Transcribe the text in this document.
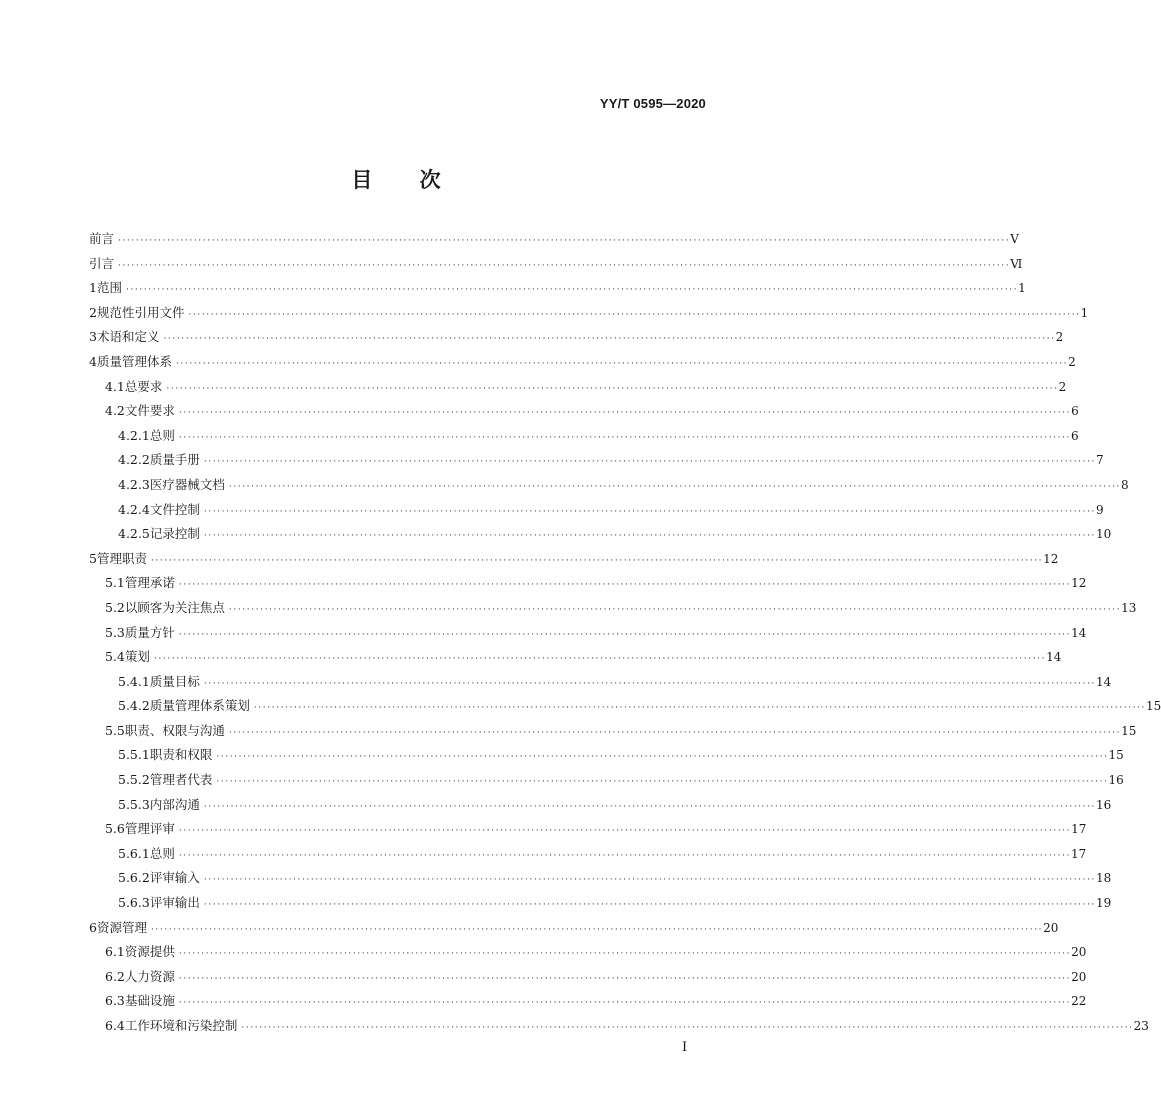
YY/T 0595—2020
目 次
前言 ········································································································································································································ Ⅴ
引言 ········································································································································································································ Ⅵ
1 范围 ········································································································································································································ 1
2 规范性引用文件 ········································································································································································································ 1
3 术语和定义 ········································································································································································································ 2
4 质量管理体系 ········································································································································································································ 2
4.1 总要求 ········································································································································································································ 2
4.2 文件要求 ········································································································································································································ 6
4.2.1 总则 ········································································································································································································ 6
4.2.2 质量手册 ········································································································································································································ 7
4.2.3 医疗器械文档 ········································································································································································································ 8
4.2.4 文件控制 ········································································································································································································ 9
4.2.5 记录控制 ········································································································································································································ 10
5 管理职责 ········································································································································································································ 12
5.1 管理承诺 ········································································································································································································ 12
5.2 以顾客为关注焦点 ········································································································································································································ 13
5.3 质量方针 ········································································································································································································ 14
5.4 策划 ········································································································································································································ 14
5.4.1 质量目标 ········································································································································································································ 14
5.4.2 质量管理体系策划 ········································································································································································································ 15
5.5 职责、权限与沟通 ········································································································································································································ 15
5.5.1 职责和权限 ········································································································································································································ 15
5.5.2 管理者代表 ········································································································································································································ 16
5.5.3 内部沟通 ········································································································································································································ 16
5.6 管理评审 ········································································································································································································ 17
5.6.1 总则 ········································································································································································································ 17
5.6.2 评审输入 ········································································································································································································ 18
5.6.3 评审输出 ········································································································································································································ 19
6 资源管理 ········································································································································································································ 20
6.1 资源提供 ········································································································································································································ 20
6.2 人力资源 ········································································································································································································ 20
6.3 基础设施 ········································································································································································································ 22
6.4 工作环境和污染控制 ········································································································································································································ 23
I
